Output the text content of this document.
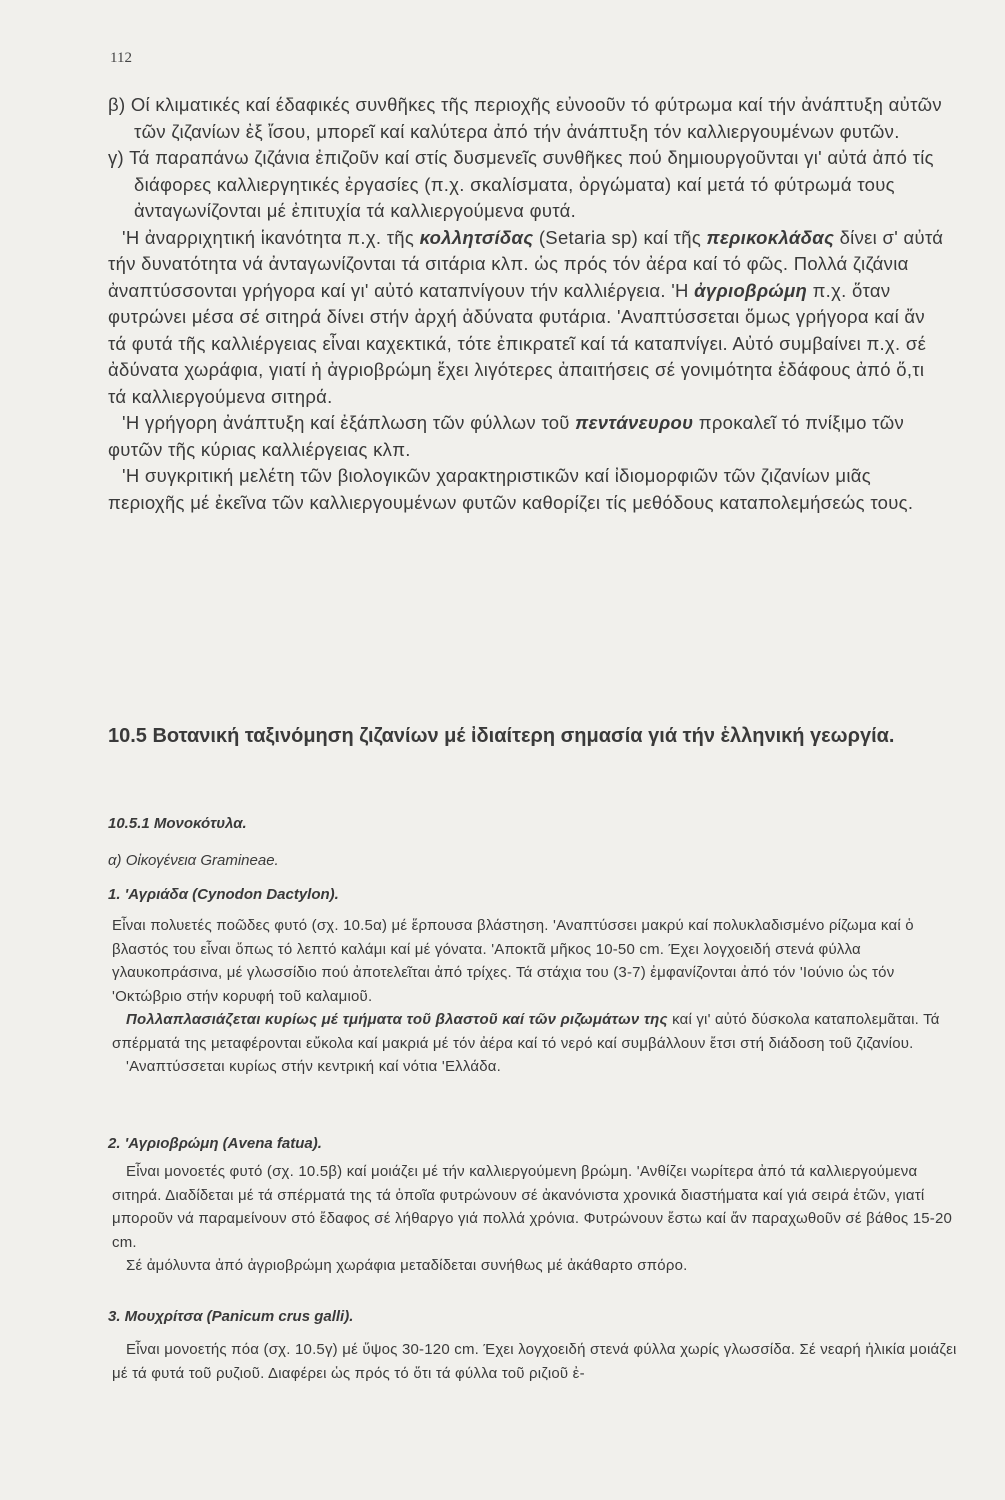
112

β) Οί κλιματικές καί έδαφικές συνθῆκες τῆς περιοχῆς εὐνοοῦν τό φύτρωμα καί τήν ἀνάπτυξη αὐτῶν τῶν ζιζανίων ἐξ ἴσου, μπορεῖ καί καλύτερα ἀπό τήν ἀνάπτυξη τόν καλλιεργουμένων φυτῶν.

γ) Τά παραπάνω ζιζάνια ἐπιζοῦν καί στίς δυσμενεῖς συνθῆκες πού δημιουργοῦνται γι' αὐτά ἀπό τίς διάφορες καλλιεργητικές ἐργασίες (π.χ. σκαλίσματα, ὀργώματα) καί μετά τό φύτρωμά τους ἀνταγωνίζονται μέ ἐπιτυχία τά καλλιεργούμενα φυτά.

'Η ἀναρριχητική ἱκανότητα π.χ. τῆς κολλητσίδας (Setaria sp) καί τῆς περικοκλάδας δίνει σ' αὐτά τήν δυνατότητα νά ἀνταγωνίζονται τά σιτάρια κλπ. ὡς πρός τόν ἀέρα καί τό φῶς. Πολλά ζιζάνια ἀναπτύσσονται γρήγορα καί γι' αὐτό καταπνίγουν τήν καλλιέργεια. 'Η ἀγριοβρώμη π.χ. ὅταν φυτρώνει μέσα σέ σιτηρά δίνει στήν ἀρχή ἀδύνατα φυτάρια. 'Αναπτύσσεται ὅμως γρήγορα καί ἄν τά φυτά τῆς καλλιέργειας εἶναι καχεκτικά, τότε ἐπικρατεῖ καί τά καταπνίγει. Αὐτό συμβαίνει π.χ. σέ ἀδύνατα χωράφια, γιατί ἡ ἀγριοβρώμη ἔχει λιγότερες ἀπαιτήσεις σέ γονιμότητα ἐδάφους ἀπό ὅ,τι τά καλλιεργούμενα σιτηρά.

'Η γρήγορη ἀνάπτυξη καί ἐξάπλωση τῶν φύλλων τοῦ πεντάνευρου προκαλεῖ τό πνίξιμο τῶν φυτῶν τῆς κύριας καλλιέργειας κλπ.

'Η συγκριτική μελέτη τῶν βιολογικῶν χαρακτηριστικῶν καί ἰδιομορφιῶν τῶν ζιζανίων μιᾶς περιοχῆς μέ ἐκεῖνα τῶν καλλιεργουμένων φυτῶν καθορίζει τίς μεθόδους καταπολεμήσεώς τους.

10.5 Βοτανική ταξινόμηση ζιζανίων μέ ἰδιαίτερη σημασία γιά τήν ἑλληνική γεωργία.
10.5.1 Μονοκότυλα.
α) Οἰκογένεια Gramineae.
1. 'Αγριάδα (Cynodon Dactylon).

Εἶναι πολυετές ποῶδες φυτό (σχ. 10.5α) μέ ἕρπουσα βλάστηση. 'Αναπτύσσει μακρύ καί πολυκλαδισμένο ρίζωμα καί ὁ βλαστός του εἶναι ὅπως τό λεπτό καλάμι καί μέ γόνατα. 'Αποκτᾶ μῆκος 10-50 cm. Έχει λογχοειδή στενά φύλλα γλαυκοπράσινα, μέ γλωσσίδιο πού ἀποτελεῖται ἀπό τρίχες. Τά στάχια του (3-7) ἐμφανίζονται ἀπό τόν 'Ιούνιο ὡς τόν 'Οκτώβριο στήν κορυφή τοῦ καλαμιοῦ.

Πολλαπλασιάζεται κυρίως μέ τμήματα τοῦ βλαστοῦ καί τῶν ριζωμάτων της καί γι' αὐτό δύσκολα καταπολεμᾶται. Τά σπέρματά της μεταφέρονται εὔκολα καί μακριά μέ τόν ἀέρα καί τό νερό καί συμβάλλουν ἔτσι στή διάδοση τοῦ ζιζανίου.

'Αναπτύσσεται κυρίως στήν κεντρική καί νότια 'Ελλάδα.

2. 'Αγριοβρώμη (Avena fatua).

Εἶναι μονοετές φυτό (σχ. 10.5β) καί μοιάζει μέ τήν καλλιεργούμενη βρώμη. 'Ανθίζει νωρίτερα ἀπό τά καλλιεργούμενα σιτηρά. Διαδίδεται μέ τά σπέρματά της τά ὁποῖα φυτρώνουν σέ ἀκανόνιστα χρονικά διαστήματα καί γιά σειρά ἐτῶν, γιατί μποροῦν νά παραμείνουν στό ἔδαφος σέ λήθαργο γιά πολλά χρόνια. Φυτρώνουν ἔστω καί ἄν παραχωθοῦν σέ βάθος 15-20 cm.

Σέ ἀμόλυντα ἀπό ἀγριοβρώμη χωράφια μεταδίδεται συνήθως μέ ἀκάθαρτο σπόρο.

3. Μουχρίτσα (Panicum crus galli).

Εἶναι μονοετής πόα (σχ. 10.5γ) μέ ὕψος 30-120 cm. Έχει λογχοειδή στενά φύλλα χωρίς γλωσσίδα. Σέ νεαρή ἡλικία μοιάζει μέ τά φυτά τοῦ ρυζιοῦ. Διαφέρει ὡς πρός τό ὅτι τά φύλλα τοῦ ριζιοῦ ἐ-
